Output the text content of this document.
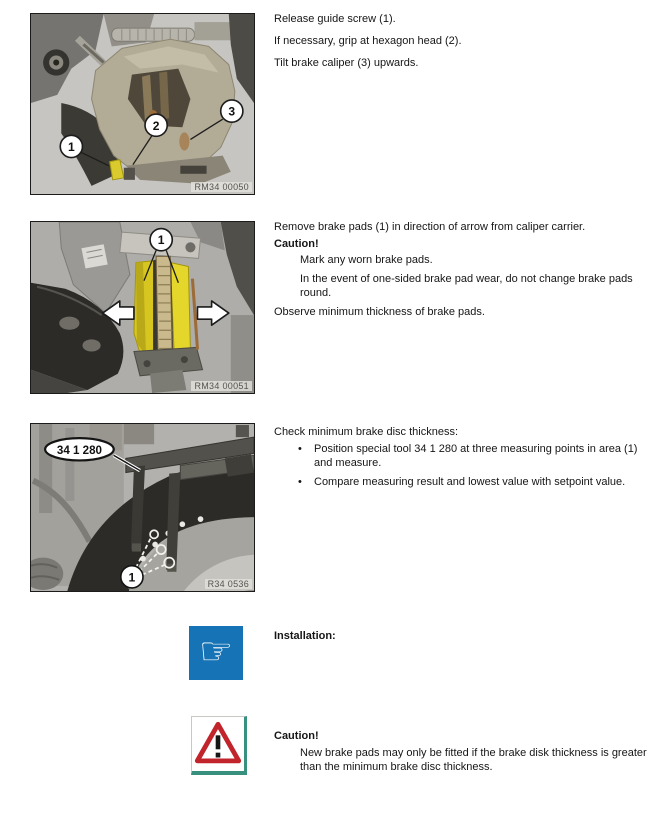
1
2
3
RM34 00050

Release guide screw (1).

If necessary, grip at hexagon head (2).

Tilt brake caliper (3) upwards.

1
RM34 00051

Remove brake pads (1) in direction of arrow from caliper carrier.

Caution!

Mark any worn brake pads.

In the event of one-sided brake pad wear, do not change brake pads round.

Observe minimum thickness of brake pads.

34 1 280
1	R34 0536

Check minimum brake disc thickness:

•	Position special tool 34 1 280 at three measuring points in area (1) and measure.
•	Compare measuring result and lowest value with setpoint value.
☞	Installation:

Caution!

New brake pads may only be fitted if the brake disk thickness is greater than the minimum brake disc thickness.
